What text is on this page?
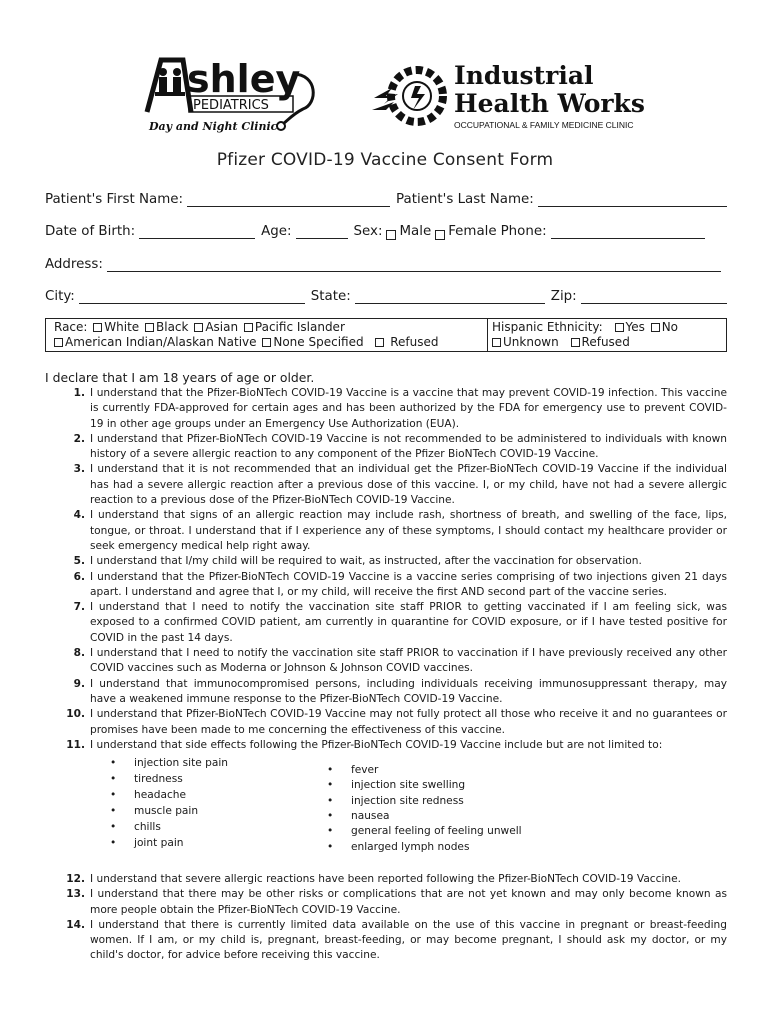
shley
PEDIATRICS
Day and Night Clinic
Industrial
Health Works
OCCUPATIONAL & FAMILY MEDICINE CLINIC
Pfizer COVID-19 Vaccine Consent Form
Patient's First Name:	Patient's Last Name:
Date of Birth:	Age:	Sex: Male Female Phone:
Address:
City:	State:	Zip:
Race: White Black Asian Pacific Islander
American Indian/Alaskan Native None Specified Refused
Hispanic Ethnicity: Yes No
Unknown Refused
I declare that I am 18 years of age or older.
1. I understand that the Pfizer-BioNTech COVID-19 Vaccine is a vaccine that may prevent COVID-19 infection. This vaccine is currently FDA-approved for certain ages and has been authorized by the FDA for emergency use to prevent COVID-19 in other age groups under an Emergency Use Authorization (EUA).
2. I understand that Pfizer-BioNTech COVID-19 Vaccine is not recommended to be administered to individuals with known history of a severe allergic reaction to any component of the Pfizer BioNTech COVID-19 Vaccine.
3. I understand that it is not recommended that an individual get the Pfizer-BioNTech COVID-19 Vaccine if the individual has had a severe allergic reaction after a previous dose of this vaccine. I, or my child, have not had a severe allergic reaction to a previous dose of the Pfizer-BioNTech COVID-19 Vaccine.
4. I understand that signs of an allergic reaction may include rash, shortness of breath, and swelling of the face, lips, tongue, or throat. I understand that if I experience any of these symptoms, I should contact my healthcare provider or seek emergency medical help right away.
5. I understand that I/my child will be required to wait, as instructed, after the vaccination for observation.
6. I understand that the Pfizer-BioNTech COVID-19 Vaccine is a vaccine series comprising of two injections given 21 days apart. I understand and agree that I, or my child, will receive the first AND second part of the vaccine series.
7. I understand that I need to notify the vaccination site staff PRIOR to getting vaccinated if I am feeling sick, was exposed to a confirmed COVID patient, am currently in quarantine for COVID exposure, or if I have tested positive for COVID in the past 14 days.
8. I understand that I need to notify the vaccination site staff PRIOR to vaccination if I have previously received any other COVID vaccines such as Moderna or Johnson & Johnson COVID vaccines.
9. I understand that immunocompromised persons, including individuals receiving immunosuppressant therapy, may have a weakened immune response to the Pfizer-BioNTech COVID-19 Vaccine.
10. I understand that Pfizer-BioNTech COVID-19 Vaccine may not fully protect all those who receive it and no guarantees or promises have been made to me concerning the effectiveness of this vaccine.
11. I understand that side effects following the Pfizer-BioNTech COVID-19 Vaccine include but are not limited to:
• injection site pain
• tiredness
• headache
• muscle pain
• chills
• joint pain
• fever
• injection site swelling
• injection site redness
• nausea
• general feeling of feeling unwell
• enlarged lymph nodes
12. I understand that severe allergic reactions have been reported following the Pfizer-BioNTech COVID-19 Vaccine.
13. I understand that there may be other risks or complications that are not yet known and may only become known as more people obtain the Pfizer-BioNTech COVID-19 Vaccine.
14. I understand that there is currently limited data available on the use of this vaccine in pregnant or breast-feeding women. If I am, or my child is, pregnant, breast-feeding, or may become pregnant, I should ask my doctor, or my child's doctor, for advice before receiving this vaccine.
